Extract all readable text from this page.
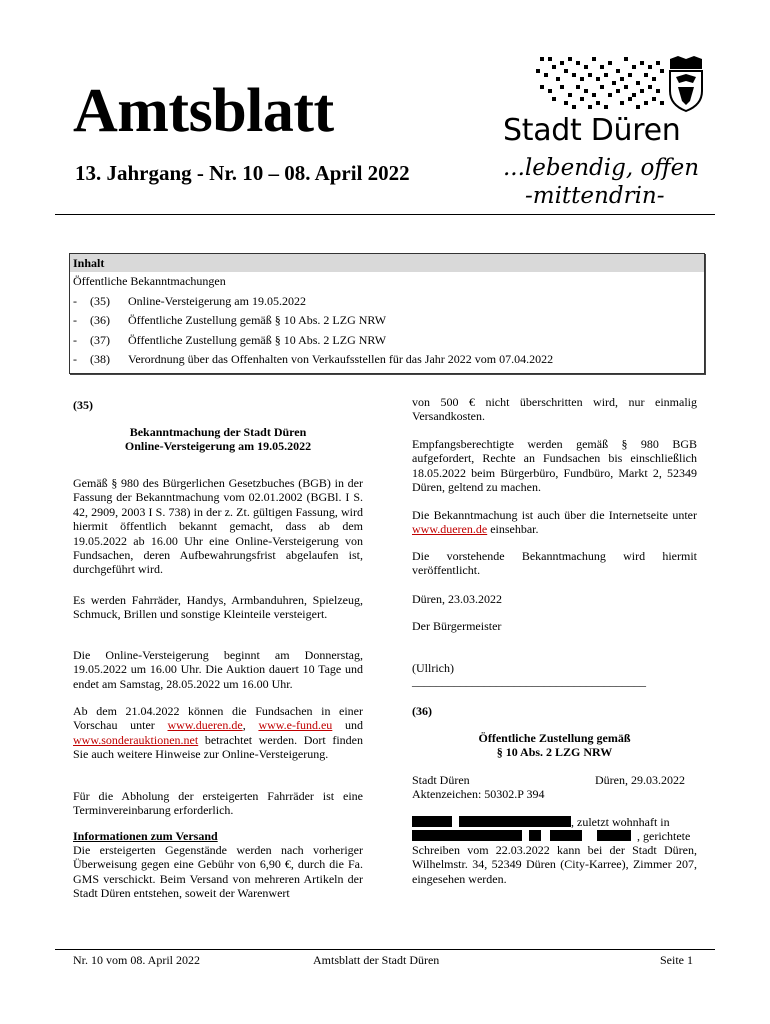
Amtsblatt
13. Jahrgang - Nr. 10 – 08. April 2022
Stadt Düren
...lebendig, offen
-mittendrin-
Inhalt
Öffentliche Bekanntmachungen
- (35) Online-Versteigerung am 19.05.2022
- (36) Öffentliche Zustellung gemäß § 10 Abs. 2 LZG NRW
- (37) Öffentliche Zustellung gemäß § 10 Abs. 2 LZG NRW
- (38) Verordnung über das Offenhalten von Verkaufsstellen für das Jahr 2022 vom 07.04.2022
(35)
Bekanntmachung der Stadt Düren
Online-Versteigerung am 19.05.2022
Gemäß § 980 des Bürgerlichen Gesetzbuches (BGB) in der Fassung der Bekanntmachung vom 02.01.2002 (BGBl. I S. 42, 2909, 2003 I S. 738) in der z. Zt. gültigen Fassung, wird hiermit öffentlich bekannt gemacht, dass ab dem 19.05.2022 ab 16.00 Uhr eine Online-Versteigerung von Fundsachen, deren Aufbewahrungsfrist abgelaufen ist, durchgeführt wird.
Es werden Fahrräder, Handys, Armbanduhren, Spielzeug, Schmuck, Brillen und sonstige Kleinteile versteigert.
Die Online-Versteigerung beginnt am Donnerstag, 19.05.2022 um 16.00 Uhr. Die Auktion dauert 10 Tage und endet am Samstag, 28.05.2022 um 16.00 Uhr.
Ab dem 21.04.2022 können die Fundsachen in einer Vorschau unter www.dueren.de, www.e-fund.eu und www.sonderauktionen.net betrachtet werden. Dort finden Sie auch weitere Hinweise zur Online-Versteigerung.
Für die Abholung der ersteigerten Fahrräder ist eine Terminvereinbarung erforderlich.
Informationen zum Versand
Die ersteigerten Gegenstände werden nach vorheriger Überweisung gegen eine Gebühr von 6,90 €, durch die Fa. GMS verschickt. Beim Versand von mehreren Artikeln der Stadt Düren entstehen, soweit der Warenwert
von 500 € nicht überschritten wird, nur einmalig Versandkosten.
Empfangsberechtigte werden gemäß § 980 BGB aufgefordert, Rechte an Fundsachen bis einschließlich 18.05.2022 beim Bürgerbüro, Fundbüro, Markt 2, 52349 Düren, geltend zu machen.
Die Bekanntmachung ist auch über die Internetseite unter www.dueren.de einsehbar.
Die vorstehende Bekanntmachung wird hiermit veröffentlicht.
Düren, 23.03.2022
Der Bürgermeister
(Ullrich)
_______________________________________
(36)
Öffentliche Zustellung gemäß
§ 10 Abs. 2 LZG NRW
Stadt Düren	Düren, 29.03.2022
Aktenzeichen: 50302.P 394
, zuletzt wohnhaft in
, gerichtete
Schreiben vom 22.03.2022 kann bei der Stadt Düren, Wilhelmstr. 34, 52349 Düren (City-Karree), Zimmer 207, eingesehen werden.
Nr. 10 vom 08. April 2022	Amtsblatt der Stadt Düren	Seite 1
